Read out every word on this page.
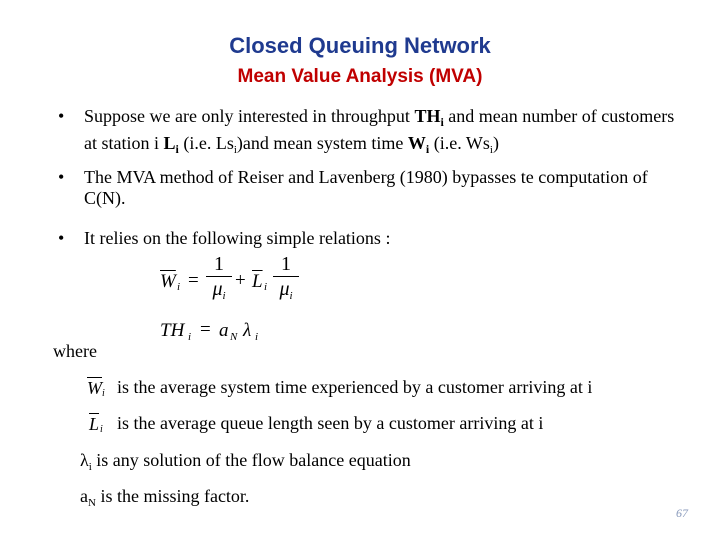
Closed Queuing Network
Mean Value Analysis (MVA)
• Suppose we are only interested in throughput $TH_i$ and mean number of customers at station i $L_i$ (i.e. $Ls_i)and$ mean system time $W_i$ (i.e. $Ws_i$)
• The MVA method of Reiser and Lavenberg (1980) bypasses te computation of C(N).
• It relies on the following simple relations :
$\overline{W}$ i =
1
$\mu_i$
+ $\overline{L}$ i
1
$\mu_i$
TH i = a N λ i
where
$\overline{W}$ i is the average system time experienced by a customer arriving at i
$\overline{L}$ i is the average queue length seen by a customer arriving at i
$\lambda_i$ is any solution of the flow balance equation
$a_N$ is the missing factor.
67
